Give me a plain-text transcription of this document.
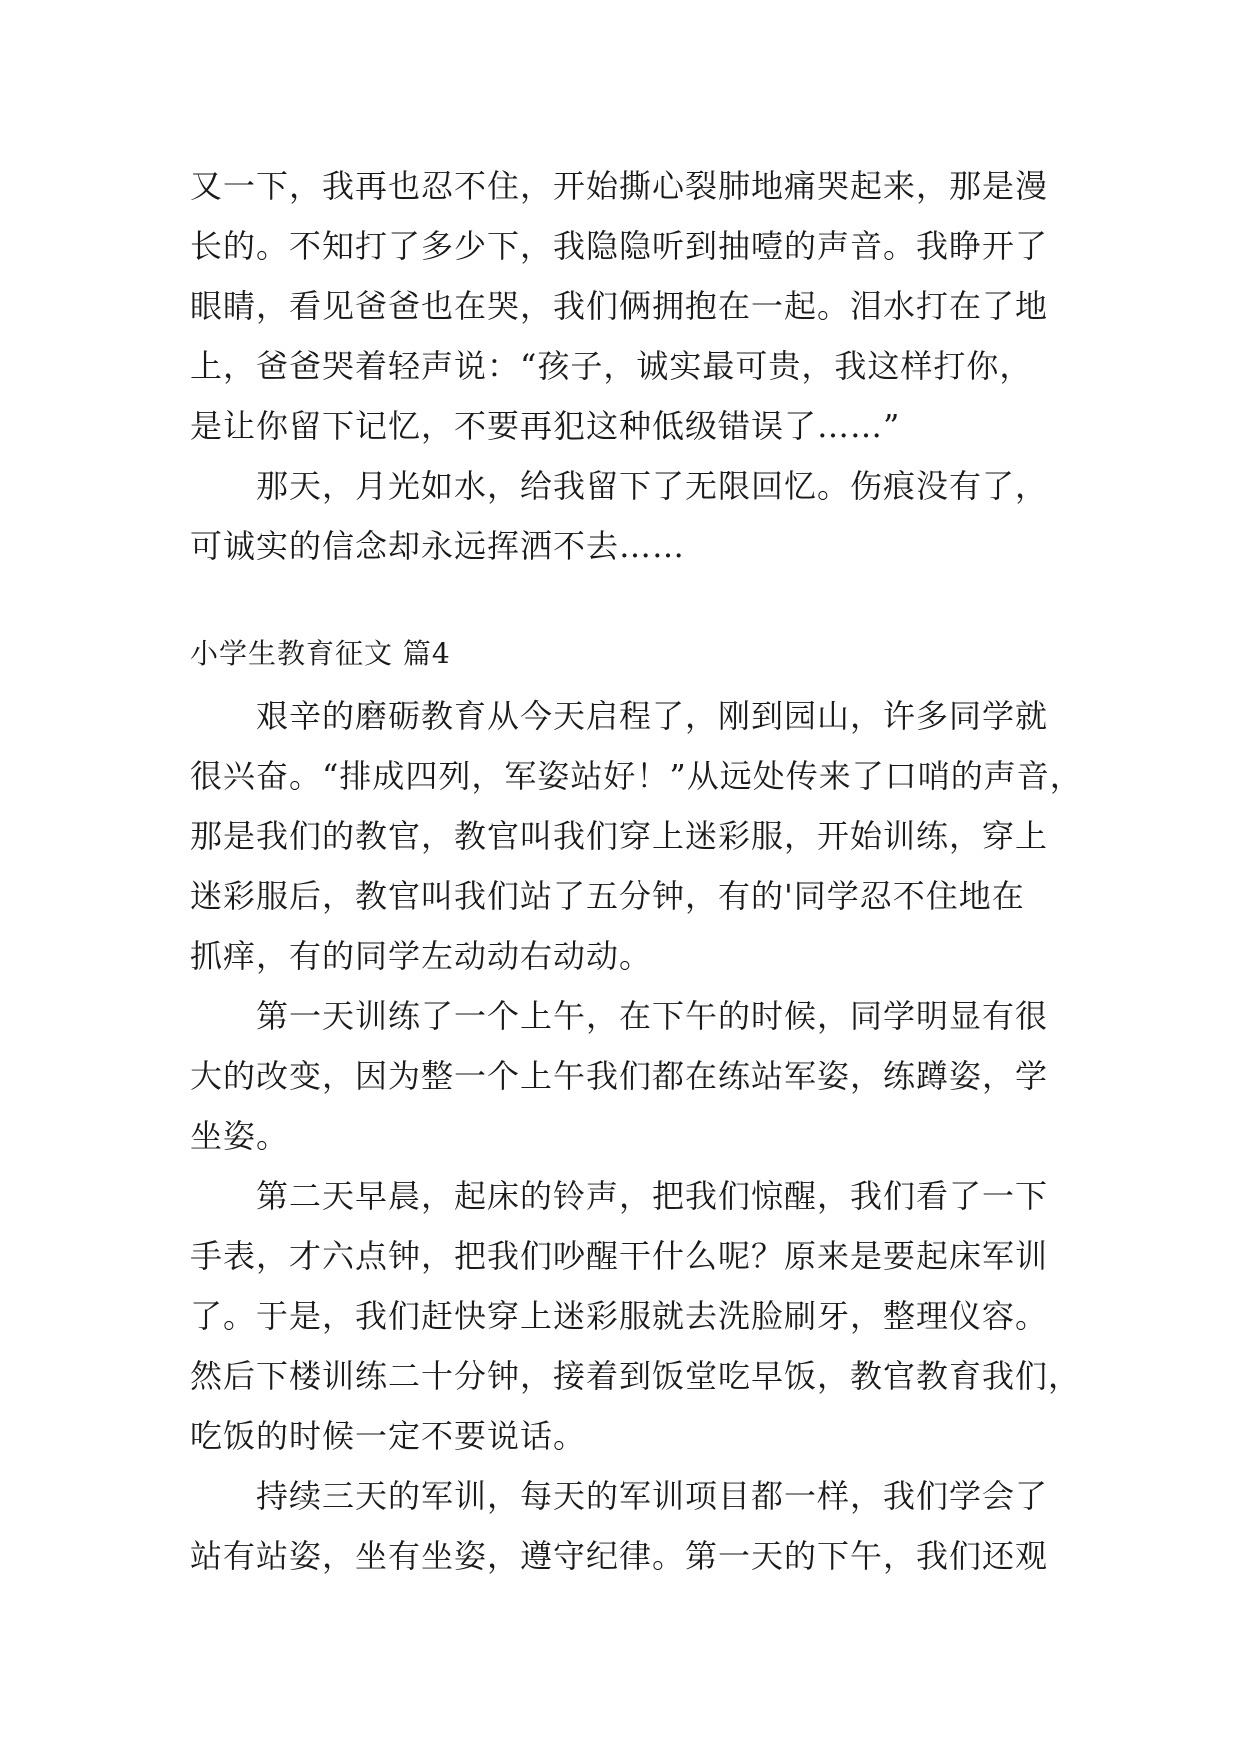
又一下，我再也忍不住，开始撕心裂肺地痛哭起来，那是漫
长的。不知打了多少下，我隐隐听到抽噎的声音。我睁开了
眼睛，看见爸爸也在哭，我们俩拥抱在一起。泪水打在了地
上，爸爸哭着轻声说：“孩子，诚实最可贵，我这样打你，
是让你留下记忆，不要再犯这种低级错误了……”
　　那天，月光如水，给我留下了无限回忆。伤痕没有了，
可诚实的信念却永远挥洒不去……
小学生教育征文 篇4
　　艰辛的磨砺教育从今天启程了，刚到园山，许多同学就
很兴奋。“排成四列，军姿站好！”从远处传来了口哨的声音，
那是我们的教官，教官叫我们穿上迷彩服，开始训练，穿上
迷彩服后，教官叫我们站了五分钟，有的'同学忍不住地在
抓痒，有的同学左动动右动动。
　　第一天训练了一个上午，在下午的时候，同学明显有很
大的改变，因为整一个上午我们都在练站军姿，练蹲姿，学
坐姿。
　　第二天早晨，起床的铃声，把我们惊醒，我们看了一下
手表，才六点钟，把我们吵醒干什么呢？原来是要起床军训
了。于是，我们赶快穿上迷彩服就去洗脸刷牙，整理仪容。
然后下楼训练二十分钟，接着到饭堂吃早饭，教官教育我们，
吃饭的时候一定不要说话。
　　持续三天的军训，每天的军训项目都一样，我们学会了
站有站姿，坐有坐姿，遵守纪律。第一天的下午，我们还观
